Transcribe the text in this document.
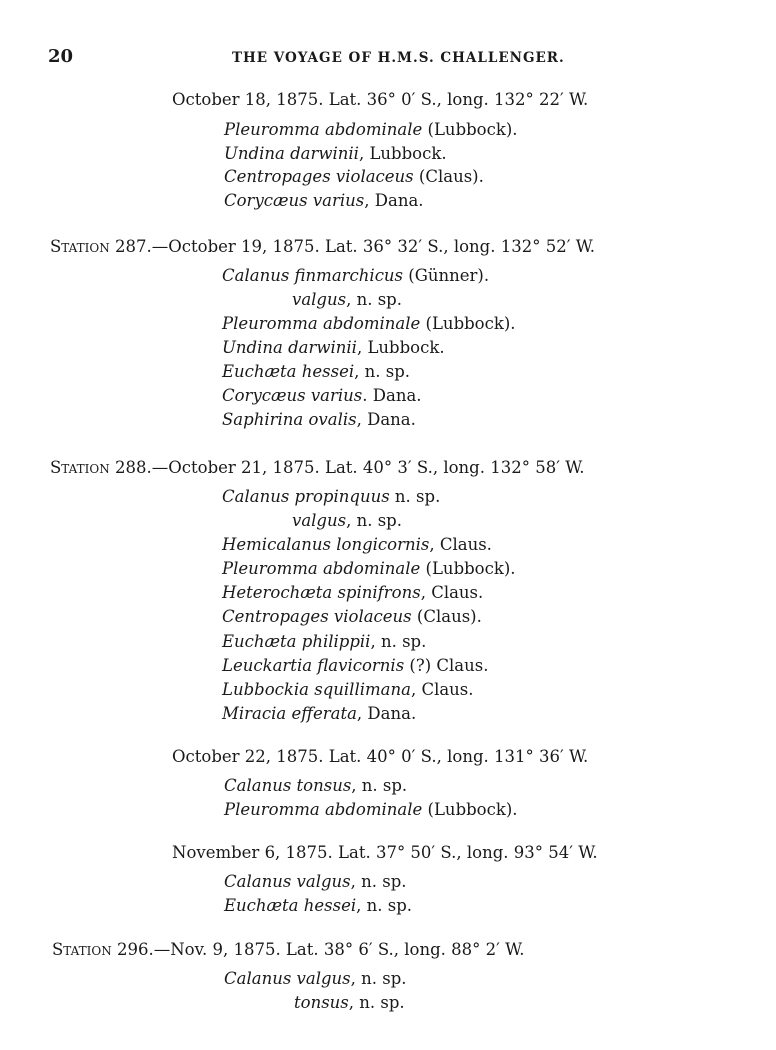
20	THE VOYAGE OF H.M.S. CHALLENGER.
October 18, 1875. Lat. 36° 0′ S., long. 132° 22′ W.
Pleuromma abdominale (Lubbock).
Undina darwinii, Lubbock.
Centropages violaceus (Claus).
Corycæus varius, Dana.
Station 287.—October 19, 1875. Lat. 36° 32′ S., long. 132° 52′ W.
Calanus finmarchicus (Günner).
valgus, n. sp.
Pleuromma abdominale (Lubbock).
Undina darwinii, Lubbock.
Euchæta hessei, n. sp.
Corycæus varius. Dana.
Saphirina ovalis, Dana.
Station 288.—October 21, 1875. Lat. 40° 3′ S., long. 132° 58′ W.
Calanus propinquus n. sp.
valgus, n. sp.
Hemicalanus longicornis, Claus.
Pleuromma abdominale (Lubbock).
Heterochæta spinifrons, Claus.
Centropages violaceus (Claus).
Euchæta philippii, n. sp.
Leuckartia flavicornis (?) Claus.
Lubbockia squillimana, Claus.
Miracia efferata, Dana.
October 22, 1875. Lat. 40° 0′ S., long. 131° 36′ W.
Calanus tonsus, n. sp.
Pleuromma abdominale (Lubbock).
November 6, 1875. Lat. 37° 50′ S., long. 93° 54′ W.
Calanus valgus, n. sp.
Euchæta hessei, n. sp.
Station 296.—Nov. 9, 1875. Lat. 38° 6′ S., long. 88° 2′ W.
Calanus valgus, n. sp.
tonsus, n. sp.
